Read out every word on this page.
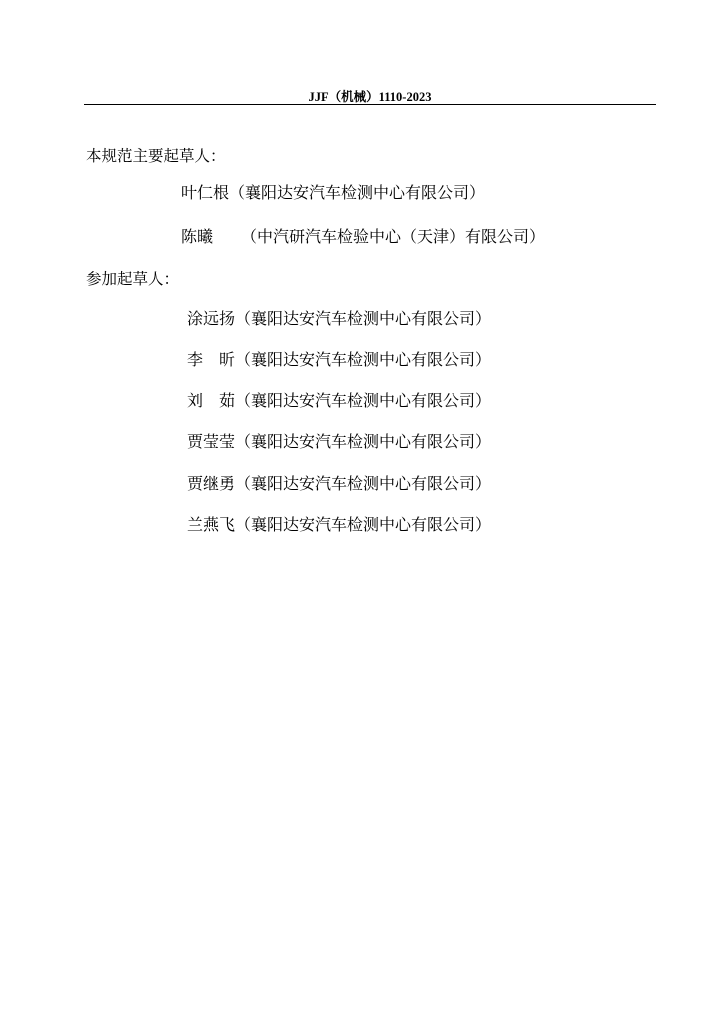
JJF（机械）1110-2023
本规范主要起草人：
叶仁根（襄阳达安汽车检测中心有限公司）
陈曦 （中汽研汽车检验中心（天津）有限公司）
参加起草人：
涂远扬（襄阳达安汽车检测中心有限公司）
李　昕（襄阳达安汽车检测中心有限公司）
刘　茹（襄阳达安汽车检测中心有限公司）
贾莹莹（襄阳达安汽车检测中心有限公司）
贾继勇（襄阳达安汽车检测中心有限公司）
兰燕飞（襄阳达安汽车检测中心有限公司）
